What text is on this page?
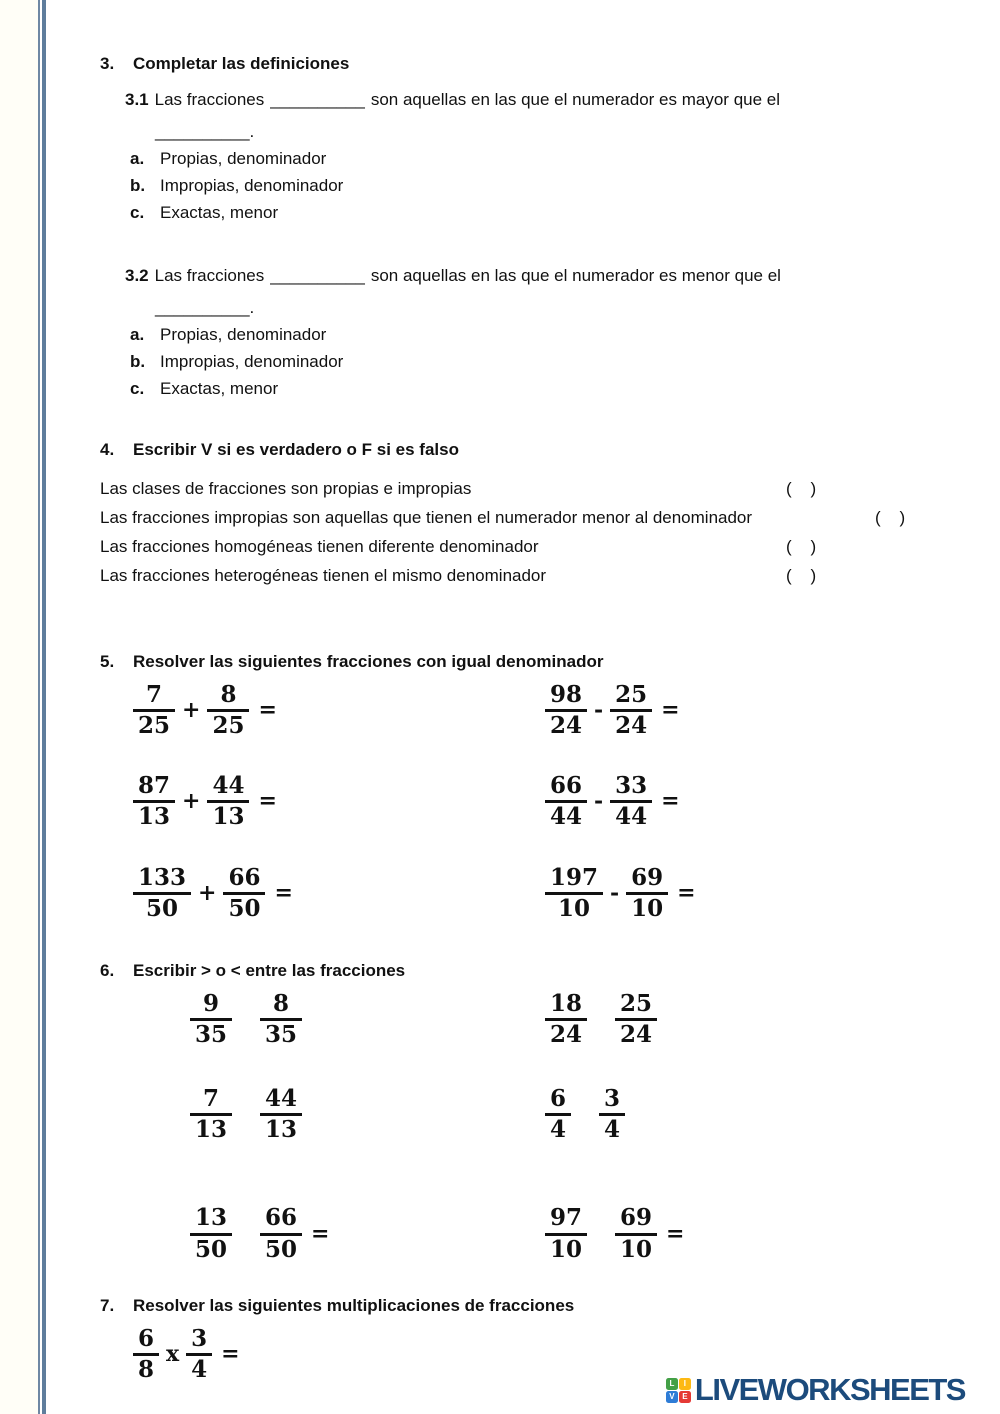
3.	Completar las definiciones
3.1 Las fracciones __________ son aquellas en las que el numerador es mayor que el
__________.
a. Propias, denominador
b. Impropias, denominador
c. Exactas, menor
3.2 Las fracciones __________ son aquellas en las que el numerador es menor que el
__________.
a. Propias, denominador
b. Impropias, denominador
c. Exactas, menor
4.	Escribir V si es verdadero o F si es falso
Las clases de fracciones son propias e impropias	(    )
Las fracciones impropias son aquellas que tienen el numerador menor al denominador	(    )
Las fracciones homogéneas tienen diferente denominador	(    )
Las fracciones heterogéneas tienen el mismo denominador	(    )
5.	Resolver las siguientes fracciones con igual denominador
$\frac{7}{25} + \frac{8}{25}$ =	$\frac{98}{24} - \frac{25}{24}$ =
$\frac{87}{13} + \frac{44}{13}$ =	$\frac{66}{44} - \frac{33}{44}$ =
$\frac{133}{50} + \frac{66}{50}$ =	$\frac{197}{10} - \frac{69}{10}$ =
6.	Escribir > o < entre las fracciones
$\frac{9}{35} \frac{8}{35}$	$\frac{18}{24} \frac{25}{24}$
$\frac{7}{13} \frac{44}{13}$	$\frac{6}{4} \frac{3}{4}$
$\frac{13}{50} \frac{66}{50}$ =	$\frac{97}{10} \frac{69}{10}$ =
7.	Resolver las siguientes multiplicaciones de fracciones
$\frac{6}{8}$ x $\frac{3}{4}$ =
L	I
V E LIVEWORKSHEETS
